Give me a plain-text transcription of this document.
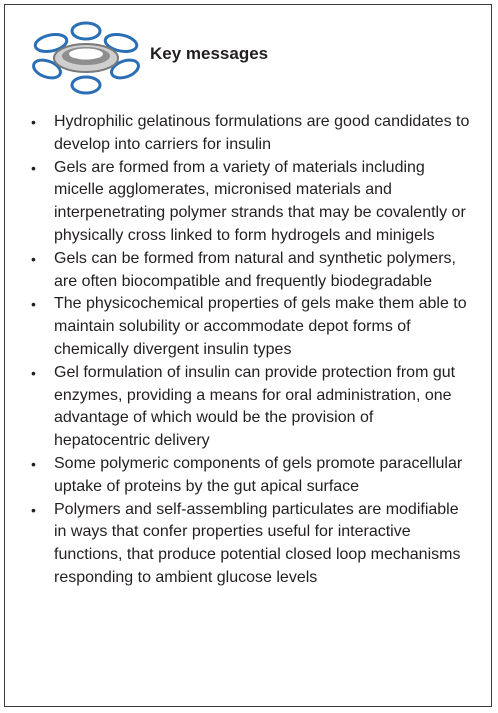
Key messages
• Hydrophilic gelatinous formulations are good candidates to develop into carriers for insulin
• Gels are formed from a variety of materials including micelle agglomerates, micronised materials and interpenetrating polymer strands that may be covalently or physically cross linked to form hydrogels and minigels
• Gels can be formed from natural and synthetic polymers, are often biocompatible and frequently biodegradable
• The physicochemical properties of gels make them able to maintain solubility or accommodate depot forms of chemically divergent insulin types
• Gel formulation of insulin can provide protection from gut enzymes, providing a means for oral administration, one advantage of which would be the provision of hepatocentric delivery
• Some polymeric components of gels promote paracellular uptake of proteins by the gut apical surface
• Polymers and self-assembling particulates are modifiable in ways that confer properties useful for interactive functions, that produce potential closed loop mechanisms responding to ambient glucose levels
